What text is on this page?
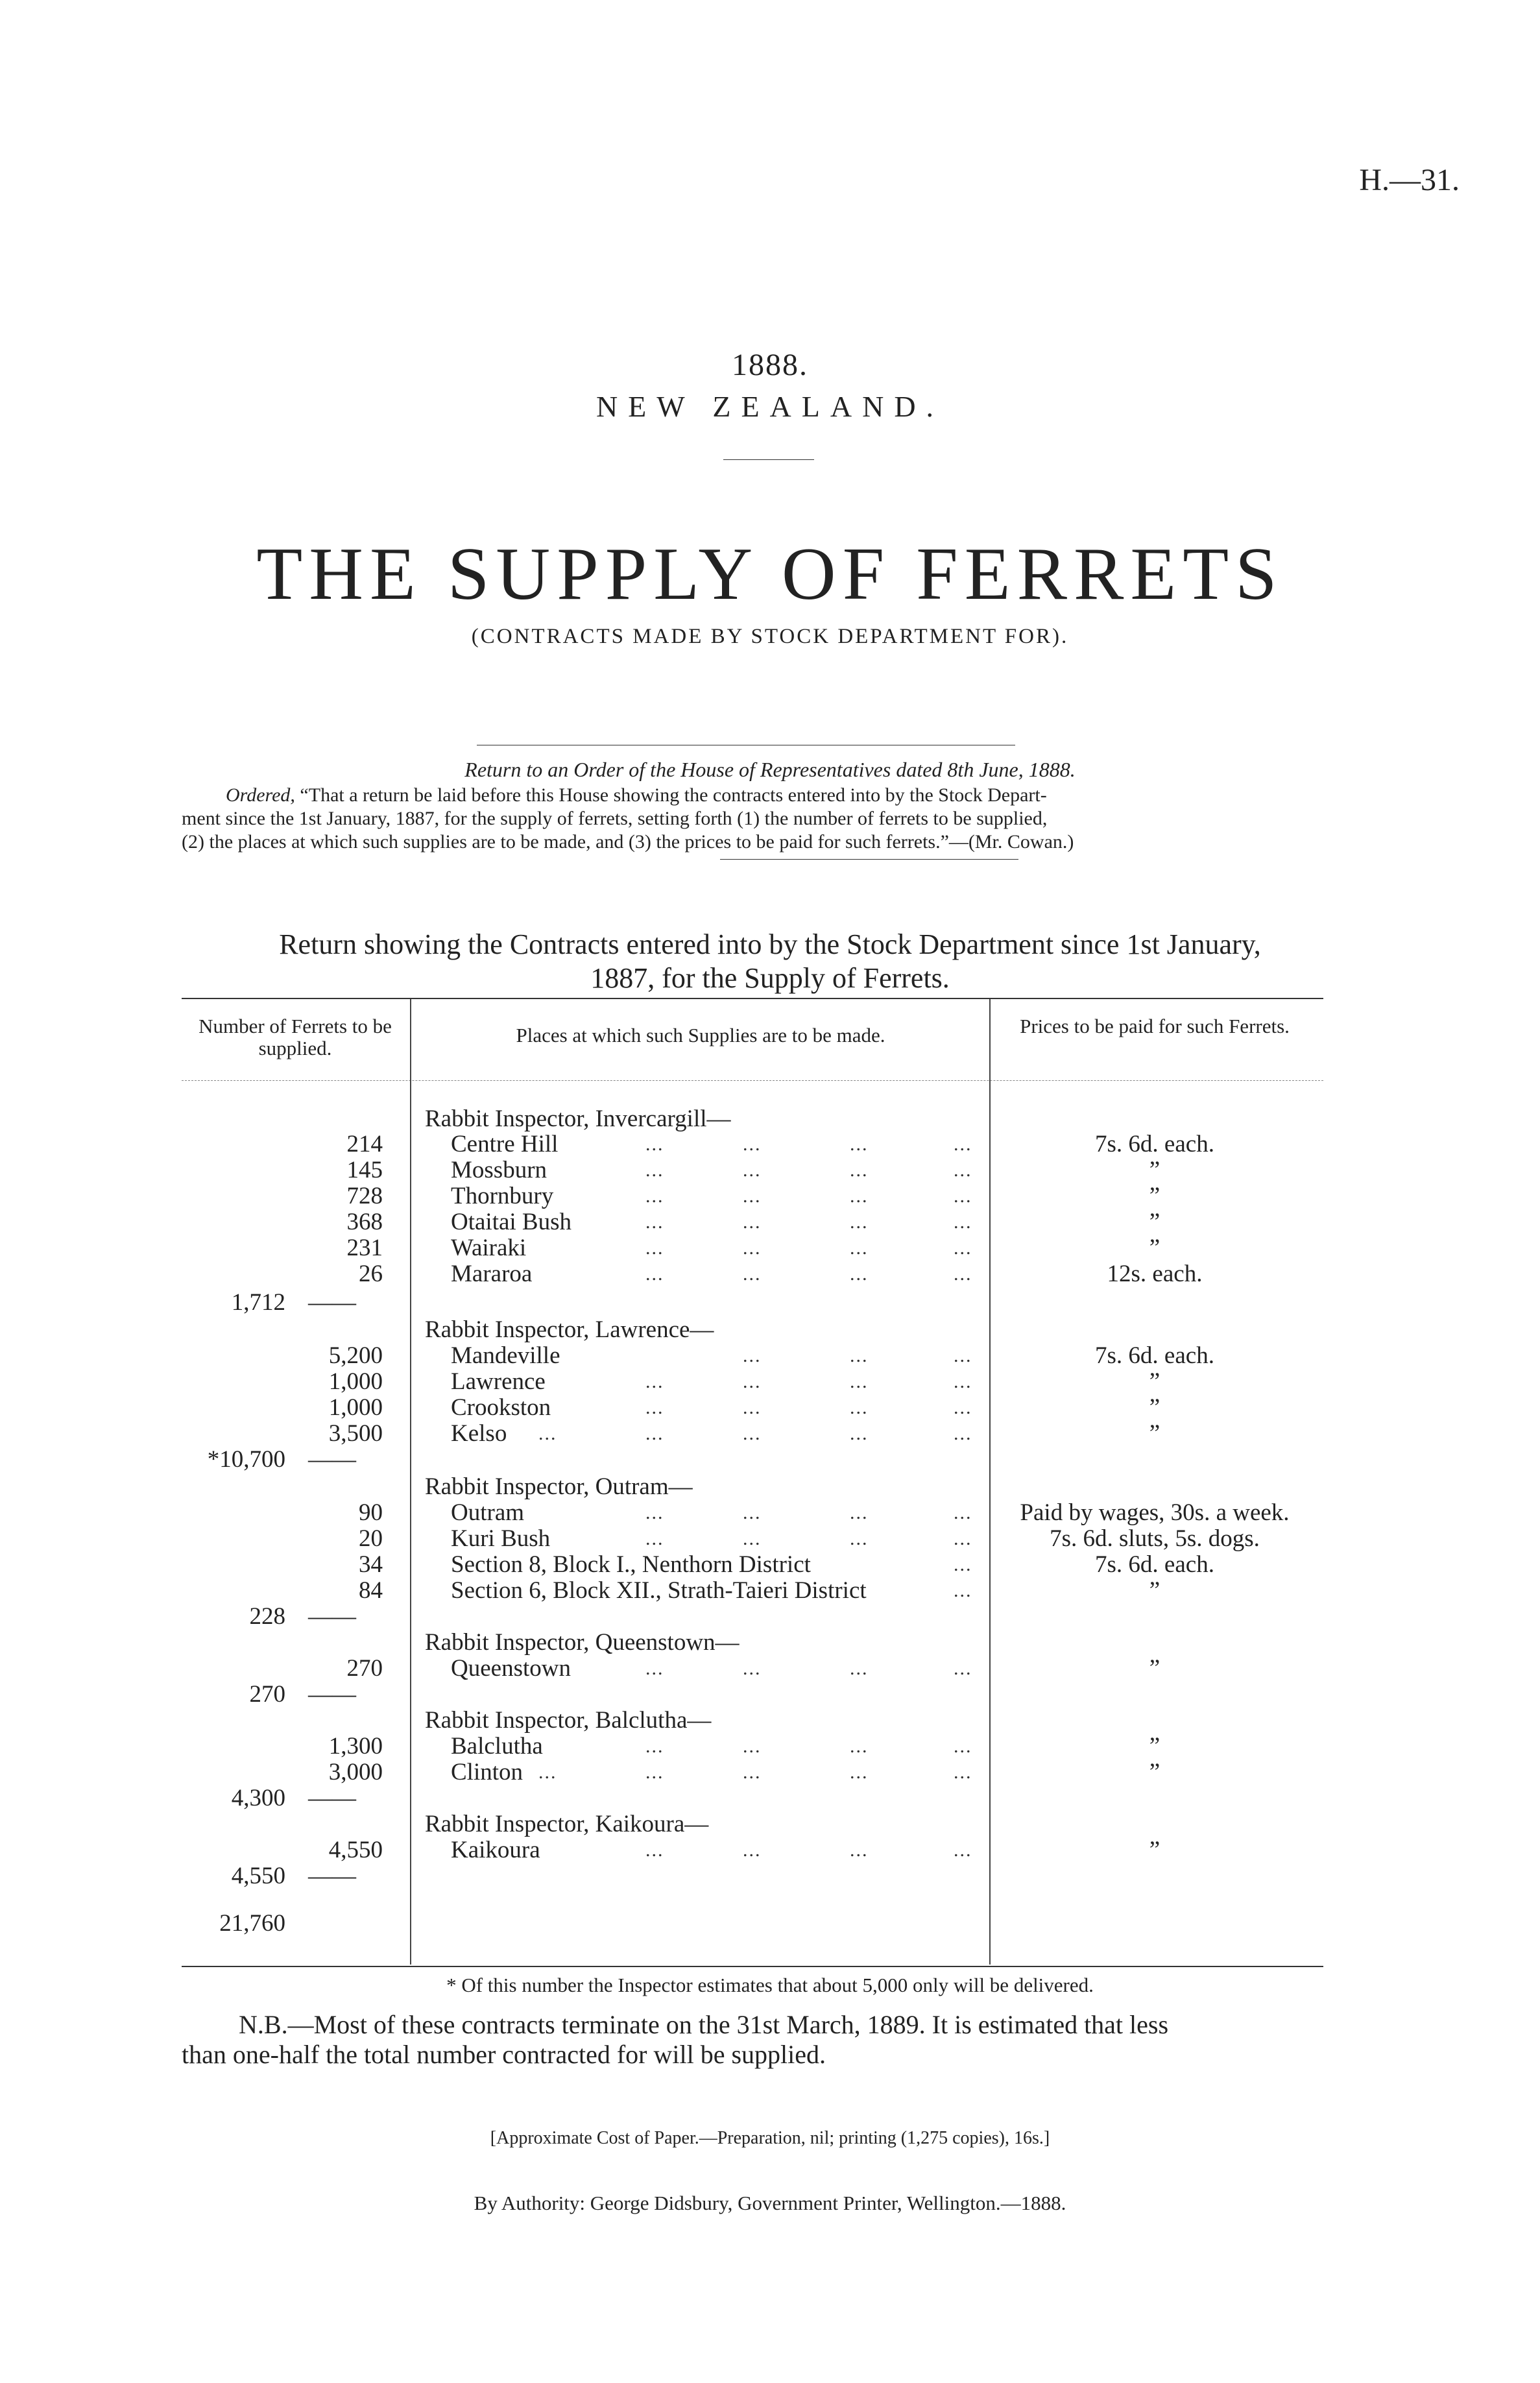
H.—31.
1888.
NEW ZEALAND.
THE SUPPLY OF FERRETS
(CONTRACTS MADE BY STOCK DEPARTMENT FOR).
Return to an Order of the House of Representatives dated 8th June, 1888.
Ordered, “That a return be laid before this House showing the contracts entered into by the Stock Depart-
ment since the 1st January, 1887, for the supply of ferrets, setting forth (1) the number of ferrets to be supplied,
(2) the places at which such supplies are to be made, and (3) the prices to be paid for such ferrets.”—(Mr. Cowan.)
Return showing the Contracts entered into by the Stock Department since 1st January,
1887, for the Supply of Ferrets.
Number of Ferrets to be supplied.
Places at which such Supplies are to be made.	Prices to be paid for such Ferrets.
Rabbit Inspector, Invercargill—
214	Centre Hill	...	...	...	...	7s. 6d. each.
145	Mossburn	...	...	...	...	”
728	Thornbury	...	...	...	...	”
368	Otaitai Bush	...	...	...	...	”
231	Wairaki	...	...	...	...	”
26	Mararoa	...	...	...	...	12s. each.
1,712 ——
Rabbit Inspector, Lawrence—
5,200	Mandeville	...	...	...	7s. 6d. each.
1,000	Lawrence	...	...	...	...	”
1,000	Crookston	...	...	...	...	”
3,500	Kelso ...	...	...	...	...	”
*10,700 ——
Rabbit Inspector, Outram—
90	Outram	...	...	...	...	Paid by wages, 30s. a week.
20	Kuri Bush	...	...	...	...	7s. 6d. sluts, 5s. dogs.
34	Section 8, Block I., Nenthorn District	...	7s. 6d. each.
84	Section 6, Block XII., Strath-Taieri District	...	”
228 ——
Rabbit Inspector, Queenstown—
270	Queenstown	...	...	...	...	”
270 ——
Rabbit Inspector, Balclutha—
1,300	Balclutha	...	...	...	...	”
3,000	Clinton ...	...	...	...	...	”
4,300 ——
Rabbit Inspector, Kaikoura—
4,550	Kaikoura	...	...	...	...	”
4,550 ——
21,760
* Of this number the Inspector estimates that about 5,000 only will be delivered.
N.B.—Most of these contracts terminate on the 31st March, 1889. It is estimated that less
than one-half the total number contracted for will be supplied.
[Approximate Cost of Paper.—Preparation, nil; printing (1,275 copies), 16s.]
By Authority: George Didsbury, Government Printer, Wellington.—1888.
